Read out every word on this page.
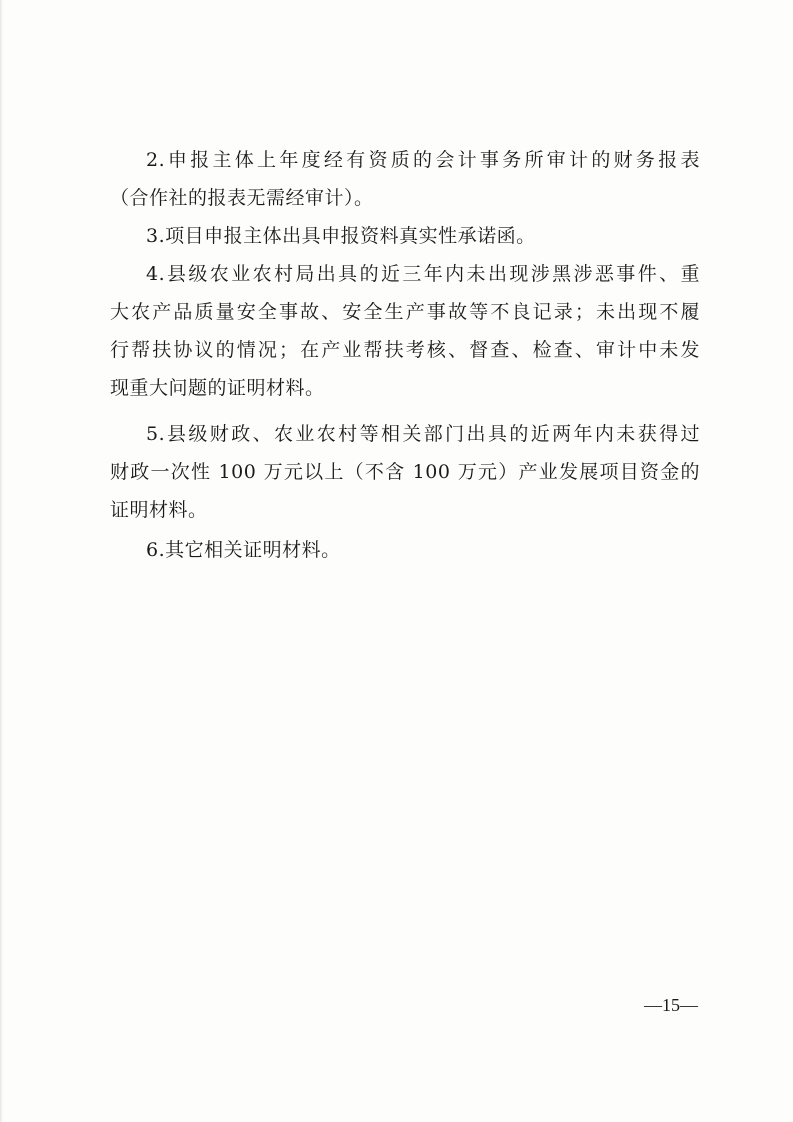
2.申报主体上年度经有资质的会计事务所审计的财务报表
（合作社的报表无需经审计）。
3.项目申报主体出具申报资料真实性承诺函。
4.县级农业农村局出具的近三年内未出现涉黑涉恶事件、重
大农产品质量安全事故、安全生产事故等不良记录；未出现不履
行帮扶协议的情况；在产业帮扶考核、督查、检查、审计中未发
现重大问题的证明材料。
5.县级财政、农业农村等相关部门出具的近两年内未获得过
财政一次性 100 万元以上（不含 100 万元）产业发展项目资金的
证明材料。
6.其它相关证明材料。
—15—
